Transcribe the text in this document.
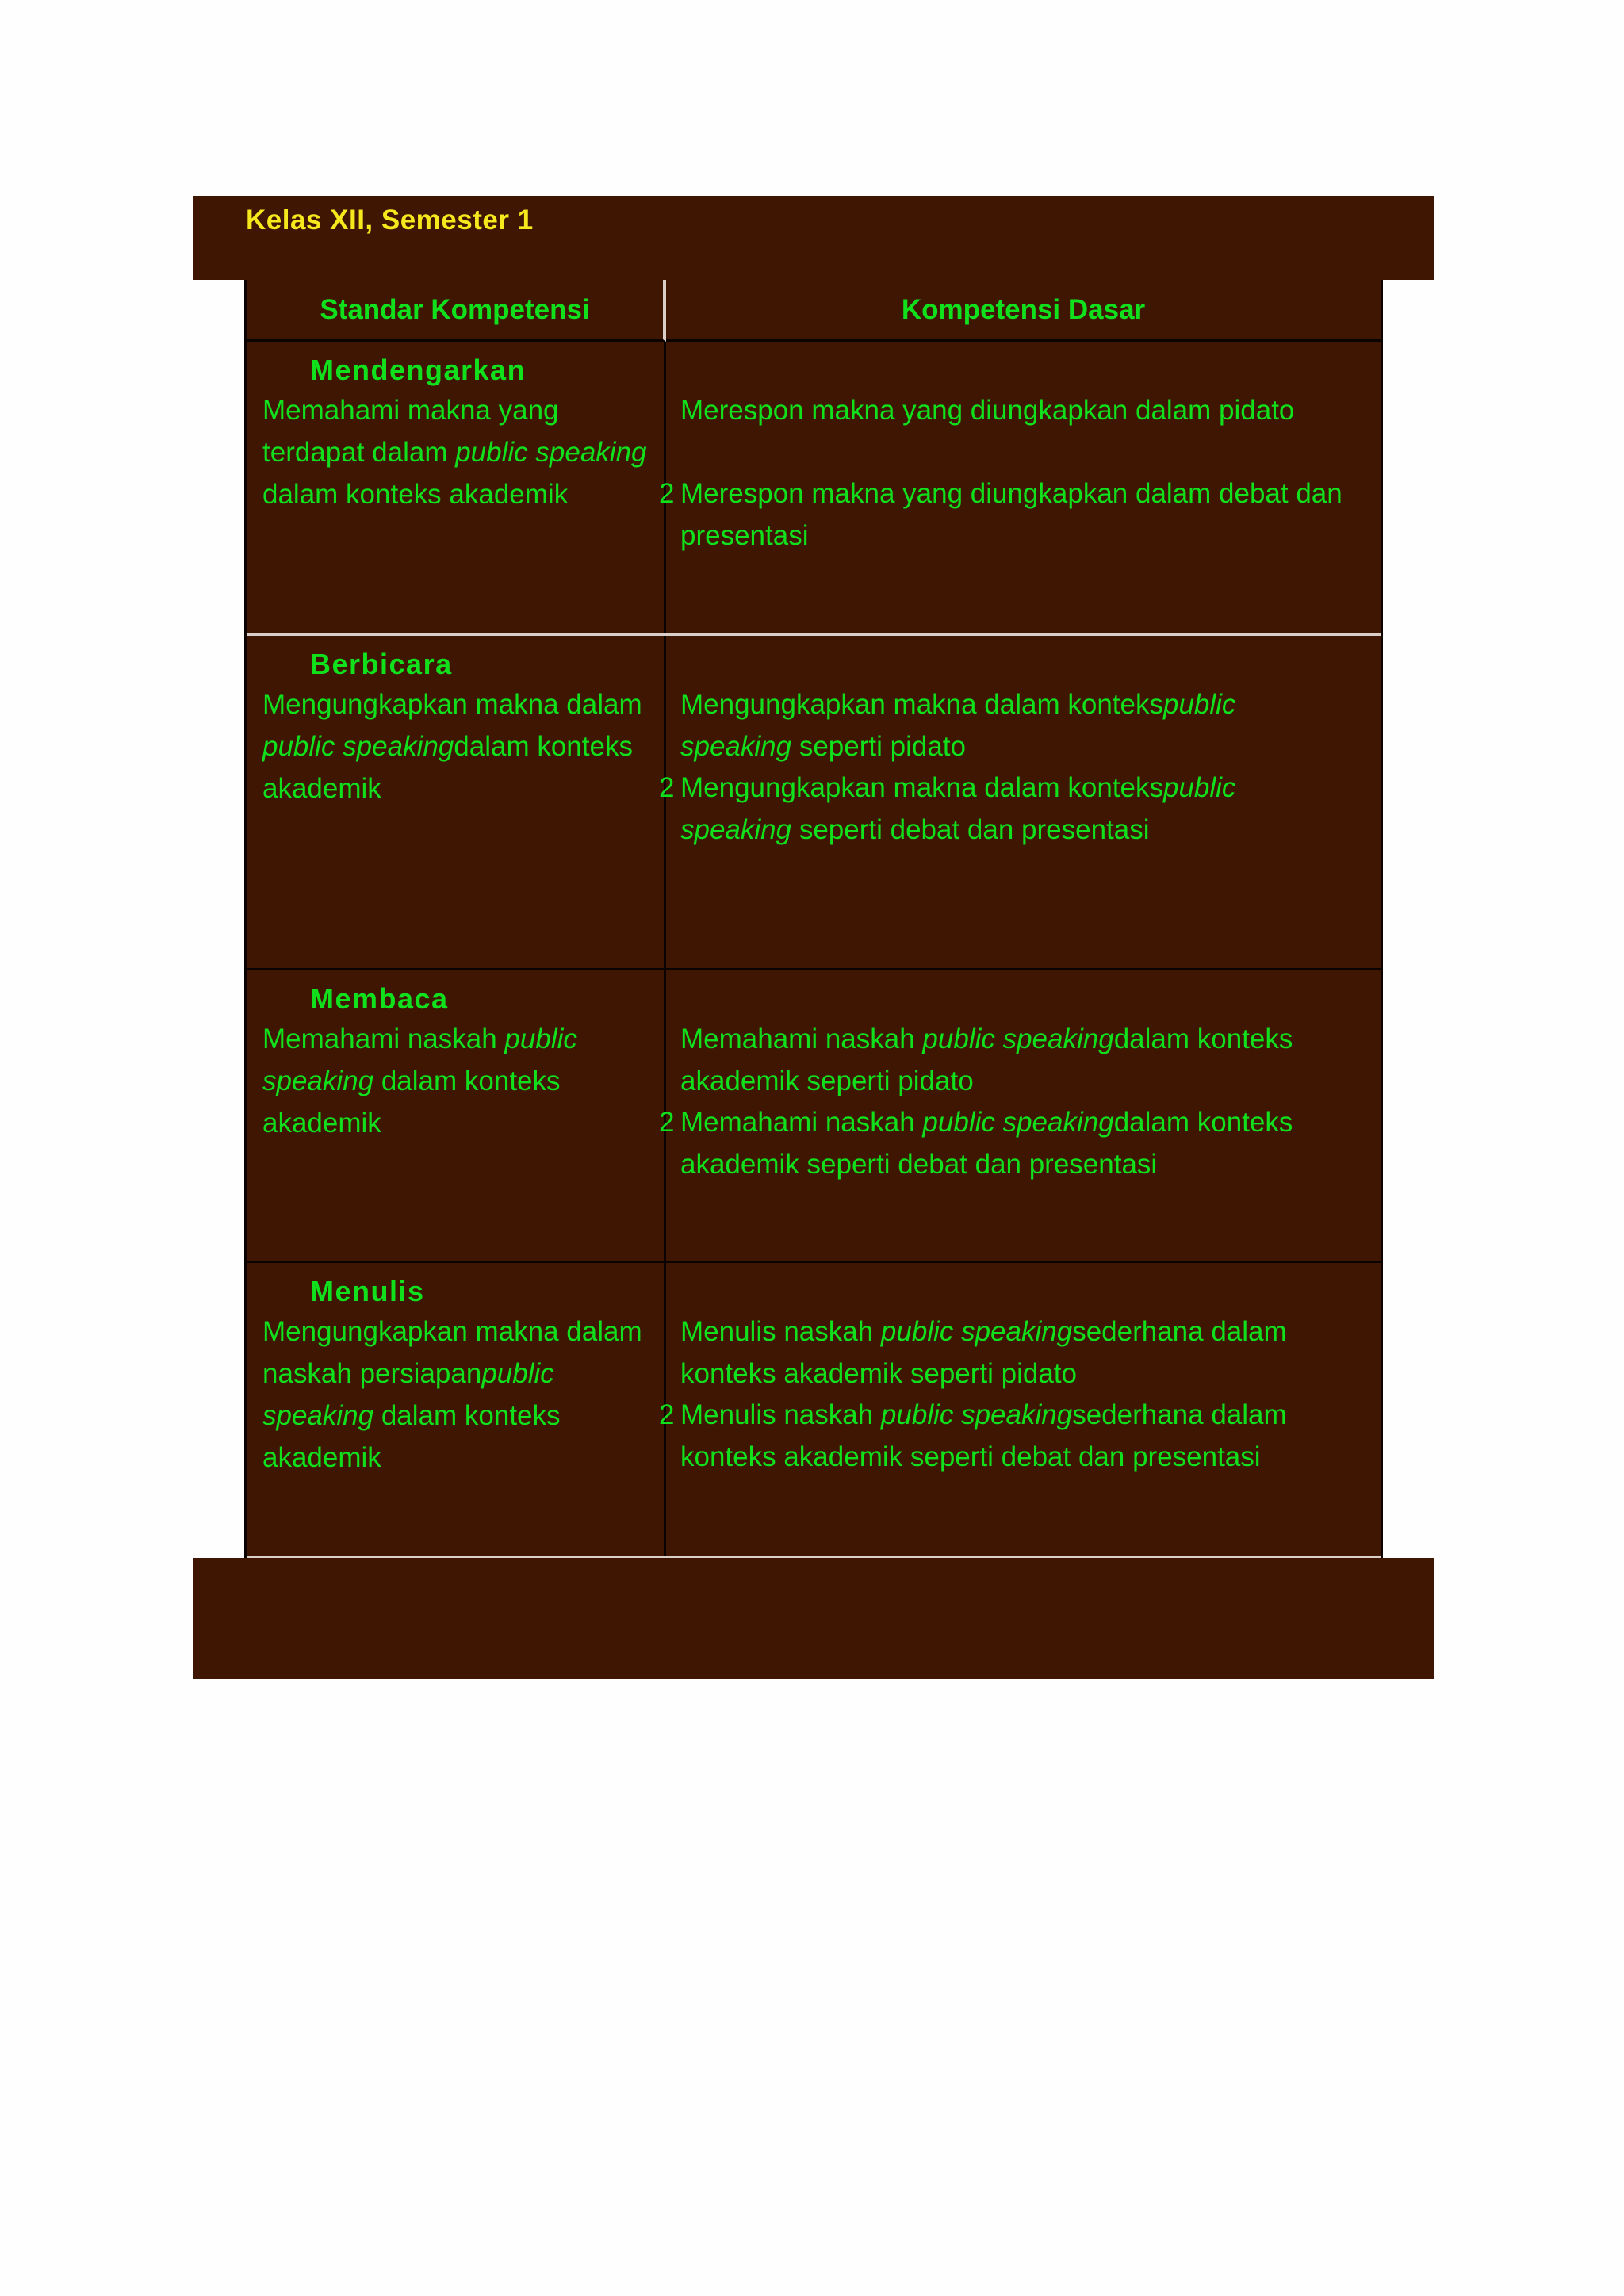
Kelas XII, Semester 1
Standar Kompetensi	Kompetensi Dasar
Mendengarkan
Memahami makna yang terdapat dalam public speaking dalam konteks akademik
Merespon makna yang diungkapkan dalam pidato
2 Merespon makna yang diungkapkan dalam debat dan presentasi
Berbicara
Mengungkapkan makna dalam public speakingdalam konteks akademik
Mengungkapkan makna dalam kontekspublic speaking seperti pidato
2 Mengungkapkan makna dalam kontekspublic speaking seperti debat dan presentasi
Membaca
Memahami naskah public speaking dalam konteks akademik
Memahami naskah public speakingdalam konteks akademik seperti pidato
2 Memahami naskah public speakingdalam konteks akademik seperti debat dan presentasi
Menulis
Mengungkapkan makna dalam naskah persiapanpublic speaking dalam konteks akademik
Menulis naskah public speakingsederhana dalam konteks akademik seperti pidato
2 Menulis naskah public speakingsederhana dalam konteks akademik seperti debat dan presentasi
